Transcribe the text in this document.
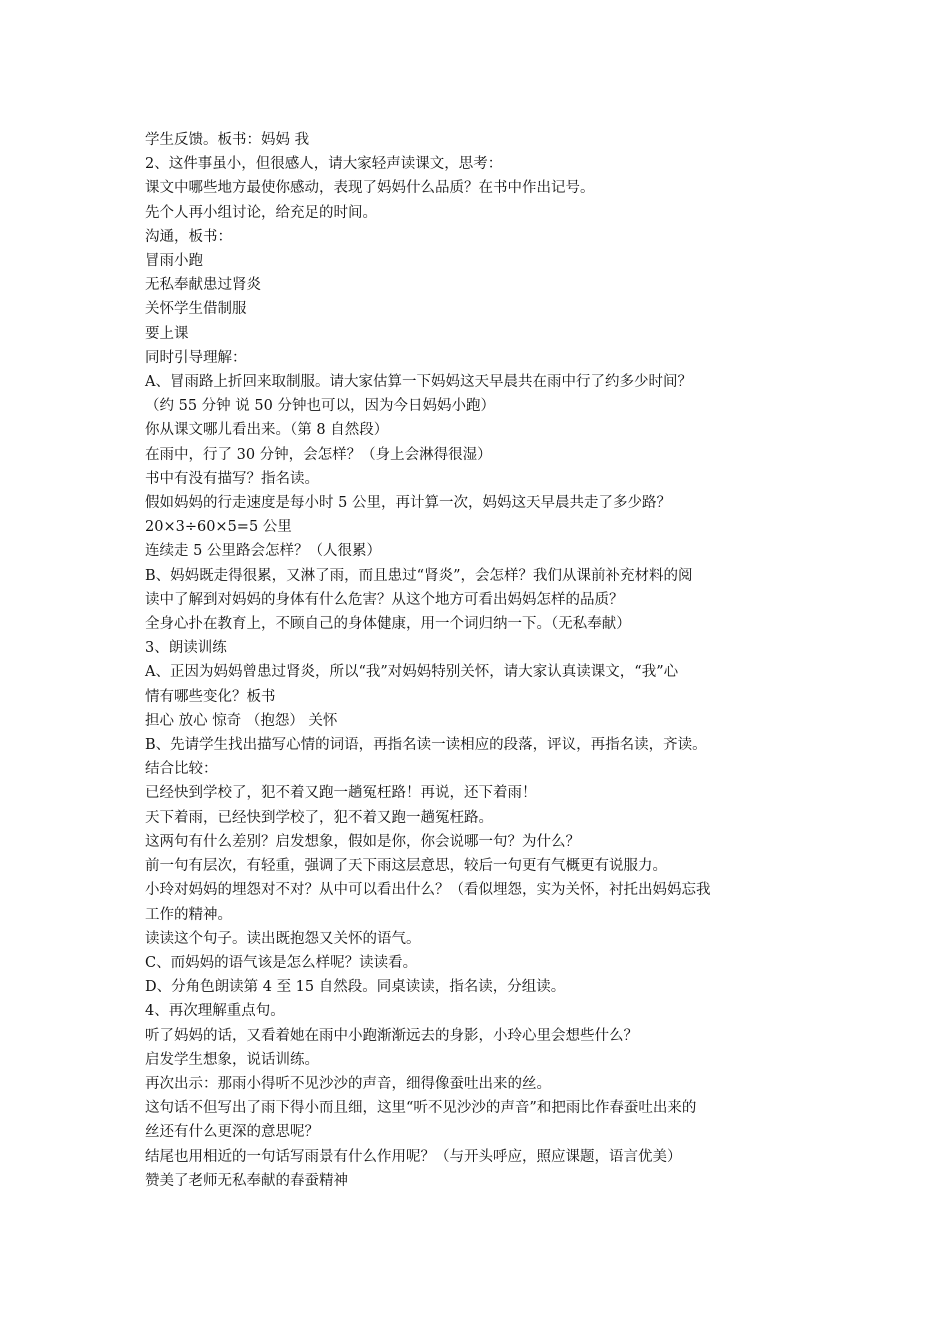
学生反馈。板书：妈妈 我
2、这件事虽小，但很感人，请大家轻声读课文，思考：
课文中哪些地方最使你感动，表现了妈妈什么品质？在书中作出记号。
先个人再小组讨论，给充足的时间。
沟通，板书：
冒雨小跑
无私奉献患过肾炎
关怀学生借制服
要上课
同时引导理解：
A、冒雨路上折回来取制服。请大家估算一下妈妈这天早晨共在雨中行了约多少时间？
（约 55 分钟 说 50 分钟也可以，因为今日妈妈小跑）
你从课文哪儿看出来。（第 8 自然段）
在雨中，行了 30 分钟，会怎样？（身上会淋得很湿）
书中有没有描写？指名读。
假如妈妈的行走速度是每小时 5 公里，再计算一次，妈妈这天早晨共走了多少路？
20×3÷60×5=5 公里
连续走 5 公里路会怎样？（人很累）
B、妈妈既走得很累，又淋了雨，而且患过“肾炎”，会怎样？我们从课前补充材料的阅
读中了解到对妈妈的身体有什么危害？从这个地方可看出妈妈怎样的品质？
全身心扑在教育上，不顾自己的身体健康，用一个词归纳一下。（无私奉献）
3、朗读训练
A、正因为妈妈曾患过肾炎，所以“我”对妈妈特别关怀，请大家认真读课文，“我”心
情有哪些变化？板书
担心 放心 惊奇 （抱怨） 关怀
B、先请学生找出描写心情的词语，再指名读一读相应的段落，评议，再指名读，齐读。
结合比较：
已经快到学校了，犯不着又跑一趟冤枉路！再说，还下着雨！
天下着雨，已经快到学校了，犯不着又跑一趟冤枉路。
这两句有什么差别？启发想象，假如是你，你会说哪一句？为什么？
前一句有层次，有轻重，强调了天下雨这层意思，较后一句更有气概更有说服力。
小玲对妈妈的埋怨对不对？从中可以看出什么？（看似埋怨，实为关怀，衬托出妈妈忘我
工作的精神。
读读这个句子。读出既抱怨又关怀的语气。
C、而妈妈的语气该是怎么样呢？读读看。
D、分角色朗读第 4 至 15 自然段。同桌读读，指名读，分组读。
4、再次理解重点句。
听了妈妈的话，又看着她在雨中小跑渐渐远去的身影，小玲心里会想些什么？
启发学生想象，说话训练。
再次出示：那雨小得听不见沙沙的声音，细得像蚕吐出来的丝。
这句话不但写出了雨下得小而且细，这里“听不见沙沙的声音”和把雨比作春蚕吐出来的
丝还有什么更深的意思呢？
结尾也用相近的一句话写雨景有什么作用呢？（与开头呼应，照应课题，语言优美）
赞美了老师无私奉献的春蚕精神
